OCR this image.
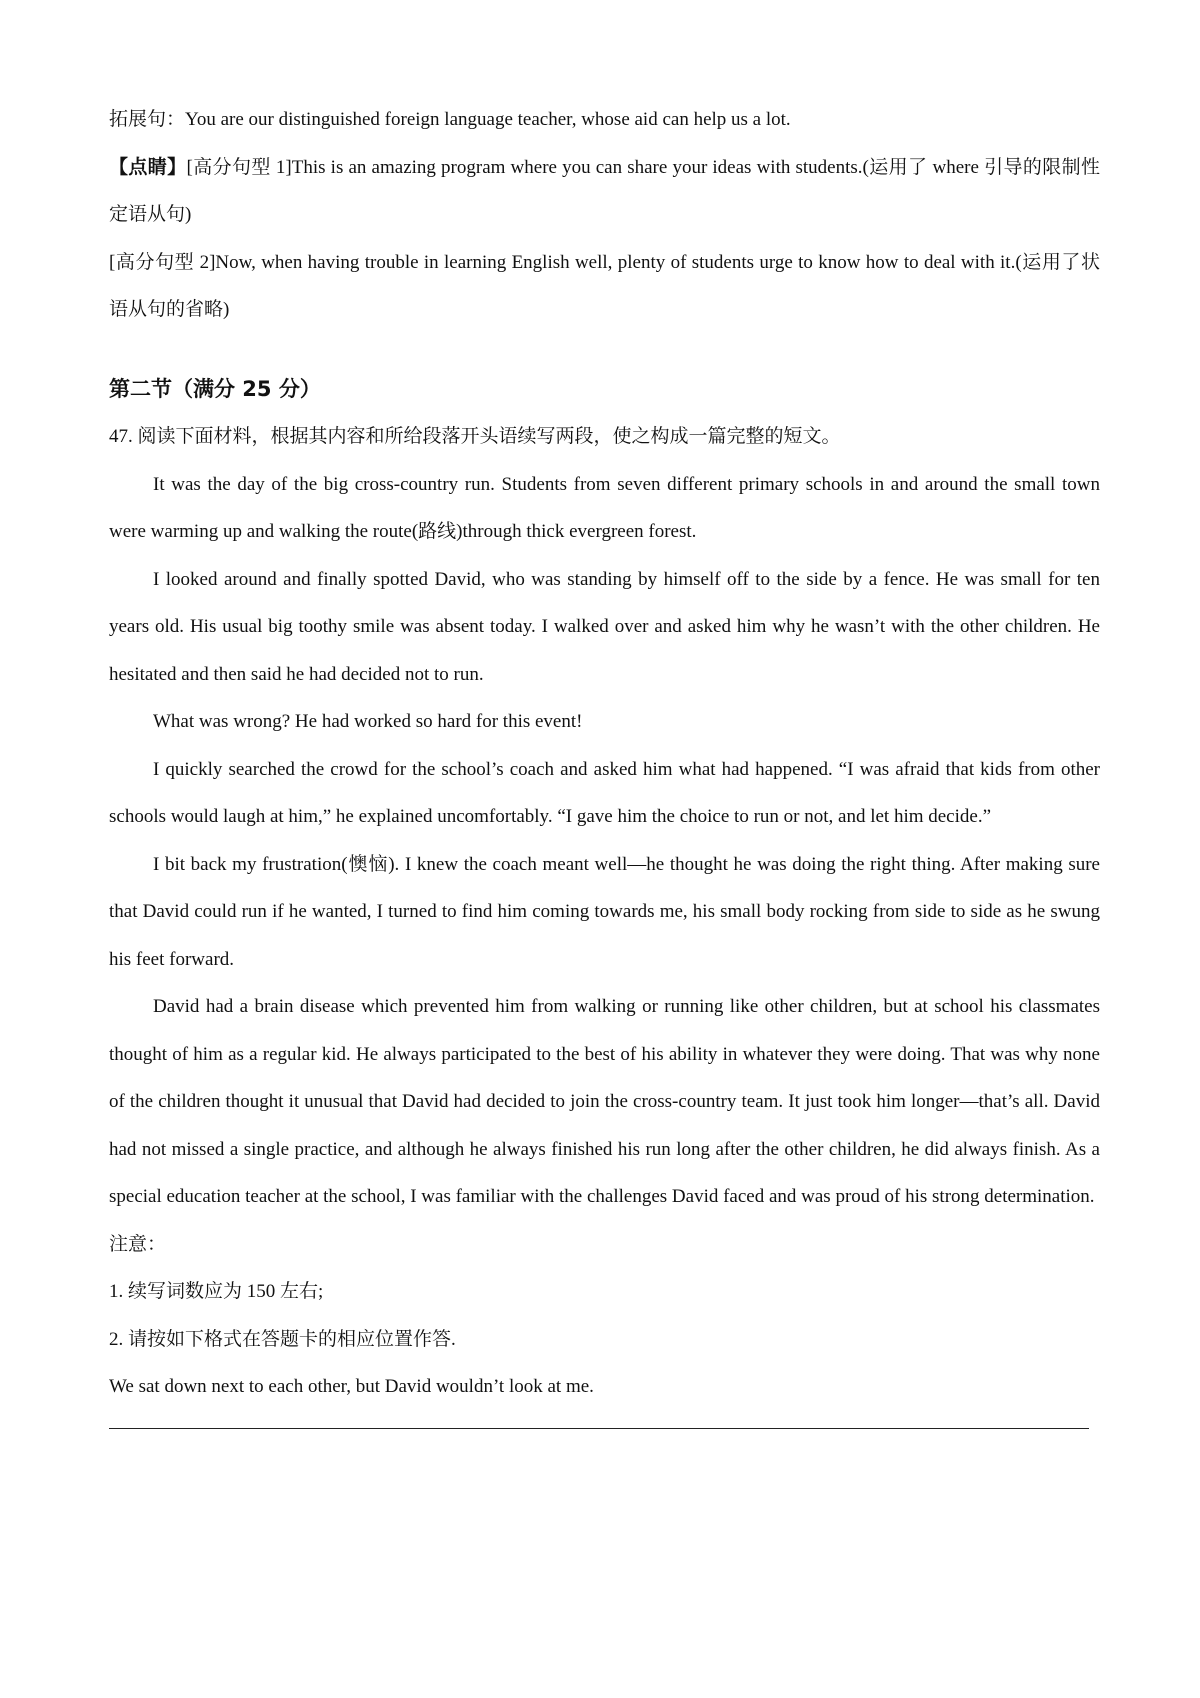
拓展句：You are our distinguished foreign language teacher, whose aid can help us a lot.

【点睛】[高分句型 1]This is an amazing program where you can share your ideas with students.(运用了 where 引导的限制性定语从句)

[高分句型 2]Now, when having trouble in learning English well, plenty of students urge to know how to deal with it.(运用了状语从句的省略)

第二节（满分 25 分）

47. 阅读下面材料，根据其内容和所给段落开头语续写两段，使之构成一篇完整的短文。

It was the day of the big cross-country run. Students from seven different primary schools in and around the small town were warming up and walking the route(路线)through thick evergreen forest.

I looked around and finally spotted David, who was standing by himself off to the side by a fence. He was small for ten years old. His usual big toothy smile was absent today. I walked over and asked him why he wasn’t with the other children. He hesitated and then said he had decided not to run.

What was wrong? He had worked so hard for this event!

I quickly searched the crowd for the school’s coach and asked him what had happened. “I was afraid that kids from other schools would laugh at him,” he explained uncomfortably. “I gave him the choice to run or not, and let him decide.”

I bit back my frustration(懊恼). I knew the coach meant well—he thought he was doing the right thing. After making sure that David could run if he wanted, I turned to find him coming towards me, his small body rocking from side to side as he swung his feet forward.

David had a brain disease which prevented him from walking or running like other children, but at school his classmates thought of him as a regular kid. He always participated to the best of his ability in whatever they were doing. That was why none of the children thought it unusual that David had decided to join the cross-country team. It just took him longer—that’s all. David had not missed a single practice, and although he always finished his run long after the other children, he did always finish. As a special education teacher at the school, I was familiar with the challenges David faced and was proud of his strong determination.

注意：

1. 续写词数应为 150 左右;

2. 请按如下格式在答题卡的相应位置作答.

We sat down next to each other, but David wouldn’t look at me.
